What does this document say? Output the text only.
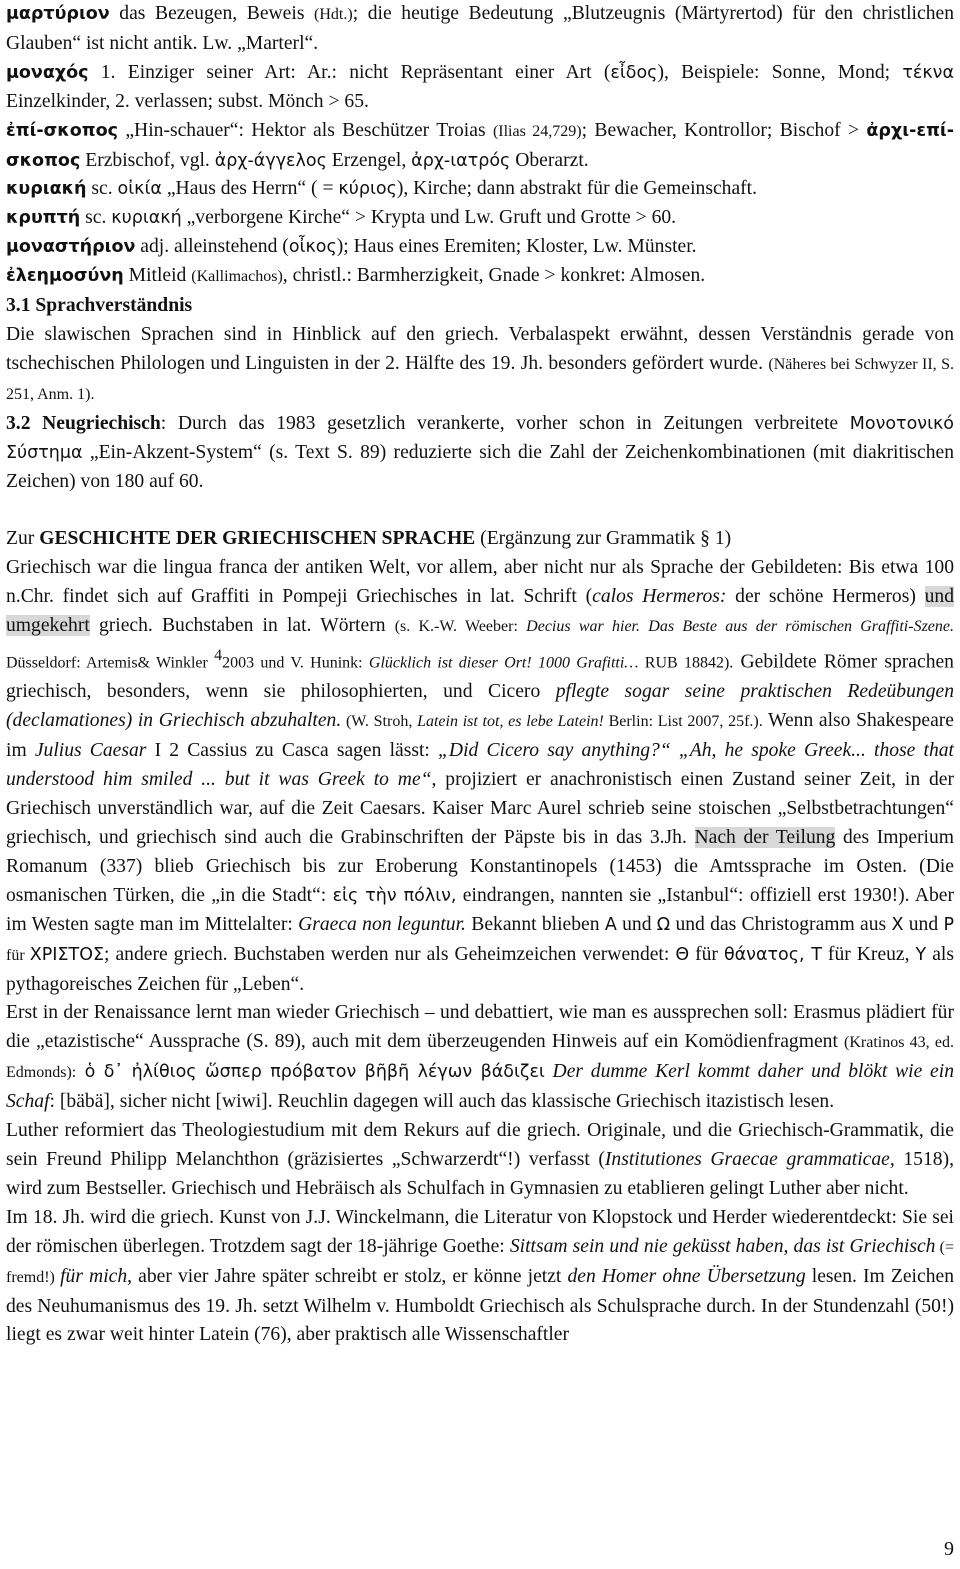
μαρτύριον das Bezeugen, Beweis (Hdt.); die heutige Bedeutung „Blutzeugnis (Märtyrertod) für den christlichen Glauben“ ist nicht antik. Lw. „Marterl“.

μοναχός 1. Einziger seiner Art: Ar.: nicht Repräsentant einer Art (εἶδος), Beispiele: Sonne, Mond; τέκνα Einzelkinder, 2. verlassen; subst. Mönch > 65.

ἐπί-σκοπος „Hin-schauer“: Hektor als Beschützer Troias (Ilias 24,729); Bewacher, Kontrollor; Bischof > ἀρχι-επί-σκοπος Erzbischof, vgl. ἀρχ-άγγελος Erzengel, ἀρχ-ιατρός Oberarzt.

κυριακή sc. οἰκία „Haus des Herrn“ ( = κύριος), Kirche; dann abstrakt für die Gemeinschaft.

κρυπτή sc. κυριακή „verborgene Kirche“ > Krypta und Lw. Gruft und Grotte > 60.

μοναστήριον adj. alleinstehend (οἶκος); Haus eines Eremiten; Kloster, Lw. Münster.

ἐλεημοσύνη Mitleid (Kallimachos), christl.: Barmherzigkeit, Gnade > konkret: Almosen.

3.1 Sprachverständnis

Die slawischen Sprachen sind in Hinblick auf den griech. Verbalaspekt erwähnt, dessen Verständnis gerade von tschechischen Philologen und Linguisten in der 2. Hälfte des 19. Jh. besonders gefördert wurde. (Näheres bei Schwyzer II, S. 251, Anm. 1).

3.2 Neugriechisch: Durch das 1983 gesetzlich verankerte, vorher schon in Zeitungen verbreitete Μονοτονικό Σύστημα „Ein-Akzent-System“ (s. Text S. 89) reduzierte sich die Zahl der Zeichenkombinationen (mit diakritischen Zeichen) von 180 auf 60.

Zur GESCHICHTE DER GRIECHISCHEN SPRACHE (Ergänzung zur Grammatik § 1)

Griechisch war die lingua franca der antiken Welt, vor allem, aber nicht nur als Sprache der Gebildeten: Bis etwa 100 n.Chr. findet sich auf Graffiti in Pompeji Griechisches in lat. Schrift (calos Hermeros: der schöne Hermeros) und umgekehrt griech. Buchstaben in lat. Wörtern (s. K.-W. Weeber: Decius war hier. Das Beste aus der römischen Graffiti-Szene. Düsseldorf: Artemis& Winkler $^4$2003 und V. Hunink: Glücklich ist dieser Ort! 1000 Grafitti… RUB 18842). Gebildete Römer sprachen griechisch, besonders, wenn sie philosophierten, und Cicero pflegte sogar seine praktischen Redeübungen (declamationes) in Griechisch abzuhalten. (W. Stroh, Latein ist tot, es lebe Latein! Berlin: List 2007, 25f.). Wenn also Shakespeare im Julius Caesar I 2 Cassius zu Casca sagen lässt: „Did Cicero say anything?“ „Ah, he spoke Greek... those that understood him smiled ... but it was Greek to me“, projiziert er anachronistisch einen Zustand seiner Zeit, in der Griechisch unverständlich war, auf die Zeit Caesars. Kaiser Marc Aurel schrieb seine stoischen „Selbstbetrachtungen“ griechisch, und griechisch sind auch die Grabinschriften der Päpste bis in das 3.Jh. Nach der Teilung des Imperium Romanum (337) blieb Griechisch bis zur Eroberung Konstantinopels (1453) die Amtssprache im Osten. (Die osmanischen Türken, die „in die Stadt“: εἰς τὴν πόλιν, eindrangen, nannten sie „Istanbul“: offiziell erst 1930!). Aber im Westen sagte man im Mittelalter: Graeca non leguntur. Bekannt blieben Α und Ω und das Christogramm aus Χ und Ρ für ΧΡΙΣΤΟΣ; andere griech. Buchstaben werden nur als Geheimzeichen verwendet: Θ für θάνατος, Τ für Kreuz, Υ als pythagoreisches Zeichen für „Leben“.

Erst in der Renaissance lernt man wieder Griechisch – und debattiert, wie man es aussprechen soll: Erasmus plädiert für die „etazistische“ Aussprache (S. 89), auch mit dem überzeugenden Hinweis auf ein Komödienfragment (Kratinos 43, ed. Edmonds): ὁ δ᾽ ἠλίθιος ὥσπερ πρόβατον βῆβῆ λέγων βάδιζει Der dumme Kerl kommt daher und blökt wie ein Schaf: [bäbä], sicher nicht [wiwi]. Reuchlin dagegen will auch das klassische Griechisch itazistisch lesen.

Luther reformiert das Theologiestudium mit dem Rekurs auf die griech. Originale, und die Griechisch-Grammatik, die sein Freund Philipp Melanchthon (gräzisiertes „Schwarzerdt“!) verfasst (Institutiones Graecae grammaticae, 1518), wird zum Bestseller. Griechisch und Hebräisch als Schulfach in Gymnasien zu etablieren gelingt Luther aber nicht.

Im 18. Jh. wird die griech. Kunst von J.J. Winckelmann, die Literatur von Klopstock und Herder wiederentdeckt: Sie sei der römischen überlegen. Trotzdem sagt der 18-jährige Goethe: Sittsam sein und nie geküsst haben, das ist Griechisch (= fremd!) für mich, aber vier Jahre später schreibt er stolz, er könne jetzt den Homer ohne Übersetzung lesen. Im Zeichen des Neuhumanismus des 19. Jh. setzt Wilhelm v. Humboldt Griechisch als Schulsprache durch. In der Stundenzahl (50!) liegt es zwar weit hinter Latein (76), aber praktisch alle Wissenschaftler

9
